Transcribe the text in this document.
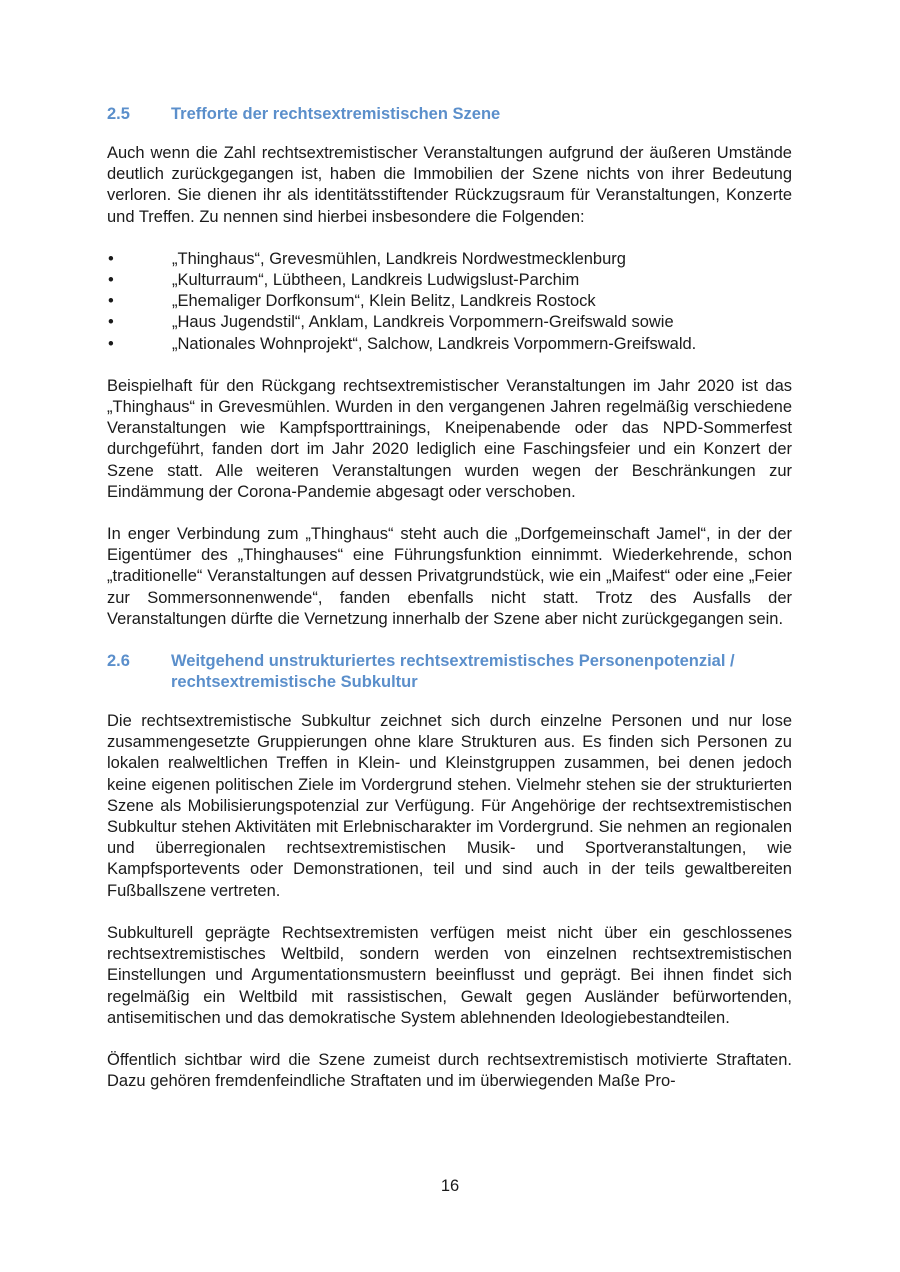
2.5	Trefforte der rechtsextremistischen Szene

Auch wenn die Zahl rechtsextremistischer Veranstaltungen aufgrund der äußeren Umstände deutlich zurückgegangen ist, haben die Immobilien der Szene nichts von ihrer Bedeutung verloren. Sie dienen ihr als identitätsstiftender Rückzugsraum für Veranstaltungen, Konzerte und Treffen. Zu nennen sind hierbei insbesondere die Folgenden:

•	„Thinghaus“, Grevesmühlen, Landkreis Nordwestmecklenburg
•	„Kulturraum“, Lübtheen, Landkreis Ludwigslust-Parchim
•	„Ehemaliger Dorfkonsum“, Klein Belitz, Landkreis Rostock
•	„Haus Jugendstil“, Anklam, Landkreis Vorpommern-Greifswald sowie
•	„Nationales Wohnprojekt“, Salchow, Landkreis Vorpommern-Greifswald.

Beispielhaft für den Rückgang rechtsextremistischer Veranstaltungen im Jahr 2020 ist das „Thinghaus“ in Grevesmühlen. Wurden in den vergangenen Jahren regelmäßig verschiedene Veranstaltungen wie Kampfsporttrainings, Kneipenabende oder das NPD-Sommerfest durchgeführt, fanden dort im Jahr 2020 lediglich eine Faschingsfeier und ein Konzert der Szene statt. Alle weiteren Veranstaltungen wurden wegen der Beschränkungen zur Eindämmung der Corona-Pandemie abgesagt oder verschoben.

In enger Verbindung zum „Thinghaus“ steht auch die „Dorfgemeinschaft Jamel“, in der der Eigentümer des „Thinghauses“ eine Führungsfunktion einnimmt. Wiederkehrende, schon „traditionelle“ Veranstaltungen auf dessen Privatgrundstück, wie ein „Maifest“ oder eine „Feier zur Sommersonnenwende“, fanden ebenfalls nicht statt. Trotz des Ausfalls der Veranstaltungen dürfte die Vernetzung innerhalb der Szene aber nicht zurückgegangen sein.

2.6	Weitgehend unstrukturiertes rechtsextremistisches Personenpotenzial / rechtsextremistische Subkultur

Die rechtsextremistische Subkultur zeichnet sich durch einzelne Personen und nur lose zusammengesetzte Gruppierungen ohne klare Strukturen aus. Es finden sich Personen zu lokalen realweltlichen Treffen in Klein- und Kleinstgruppen zusammen, bei denen jedoch keine eigenen politischen Ziele im Vordergrund stehen. Vielmehr stehen sie der strukturierten Szene als Mobilisierungspotenzial zur Verfügung. Für Angehörige der rechtsextremistischen Subkultur stehen Aktivitäten mit Erlebnischarakter im Vordergrund. Sie nehmen an regionalen und überregionalen rechtsextremistischen Musik- und Sportveranstaltungen, wie Kampfsportevents oder Demonstrationen, teil und sind auch in der teils gewaltbereiten Fußballszene vertreten.

Subkulturell geprägte Rechtsextremisten verfügen meist nicht über ein geschlossenes rechtsextremistisches Weltbild, sondern werden von einzelnen rechtsextremistischen Einstellungen und Argumentationsmustern beeinflusst und geprägt. Bei ihnen findet sich regelmäßig ein Weltbild mit rassistischen, Gewalt gegen Ausländer befürwortenden, antisemitischen und das demokratische System ablehnenden Ideologiebestandteilen.

Öffentlich sichtbar wird die Szene zumeist durch rechtsextremistisch motivierte Straftaten. Dazu gehören fremdenfeindliche Straftaten und im überwiegenden Maße Pro-

16
